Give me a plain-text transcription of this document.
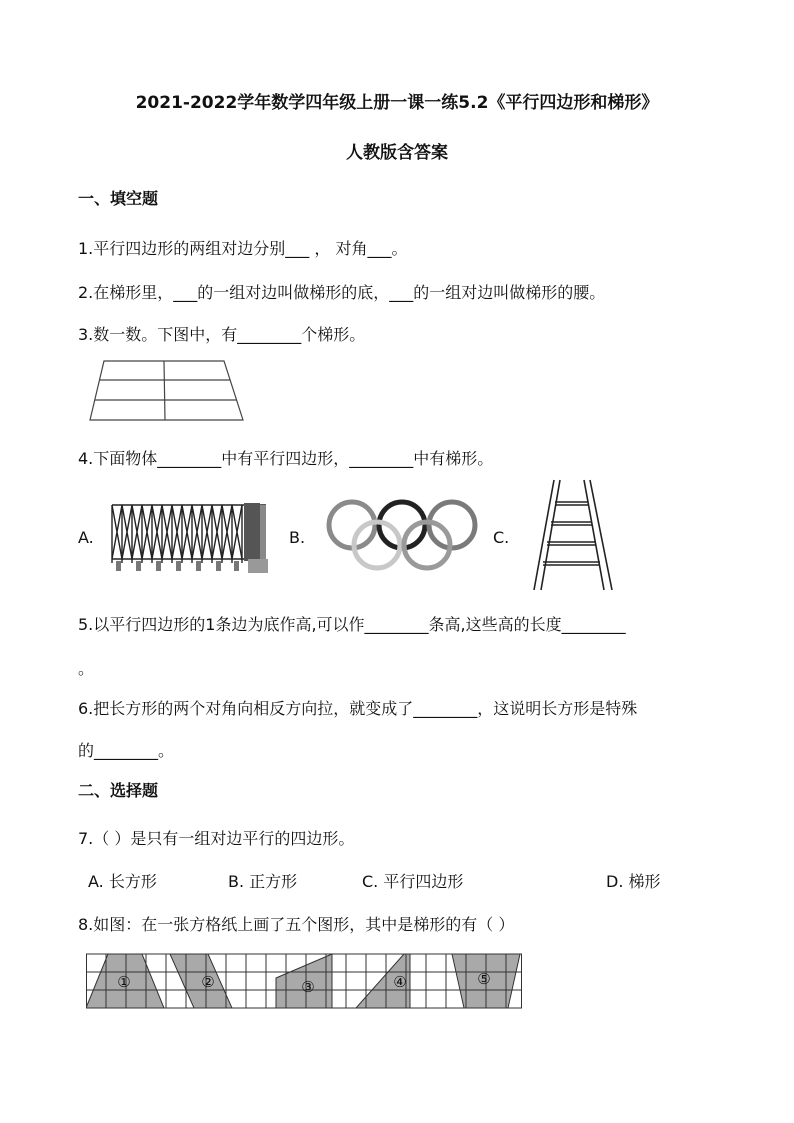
2021-2022学年数学四年级上册一课一练5.2《平行四边形和梯形》
人教版含答案
一、填空题
1.平行四边形的两组对边分别___ ， 对角___。
2.在梯形里，___的一组对边叫做梯形的底，___的一组对边叫做梯形的腰。
3.数一数。下图中，有________个梯形。
4.下面物体________中有平行四边形，________中有梯形。
A.	B.	C.
5.以平行四边形的1条边为底作高,可以作________条高,这些高的长度________
。
6.把长方形的两个对角向相反方向拉，就变成了________，这说明长方形是特殊
的________。
二、选择题
7.（ ）是只有一组对边平行的四边形。
A. 长方形	B. 正方形	C. 平行四边形	D. 梯形
8.如图：在一张方格纸上画了五个图形，其中是梯形的有（ ）
①	②	③	④	⑤
